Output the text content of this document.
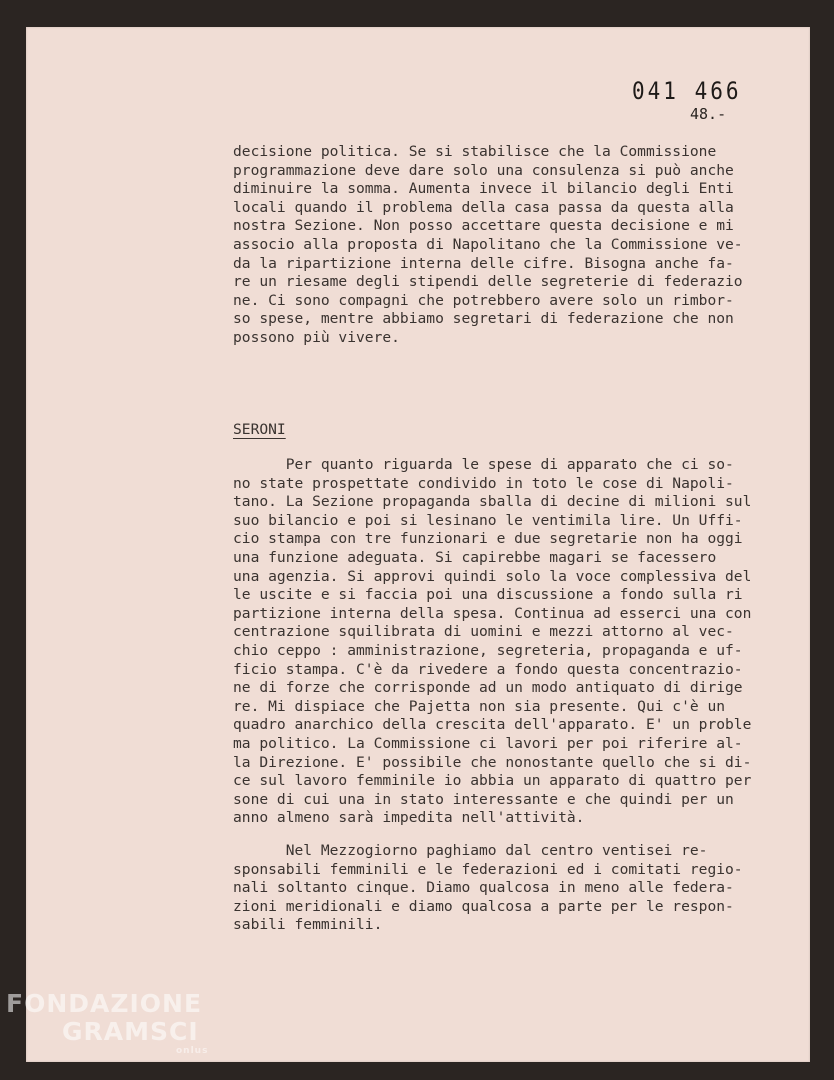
041 466
48.-
decisione politica. Se si stabilisce che la Commissione
programmazione deve dare solo una consulenza si può anche
diminuire la somma. Aumenta invece il bilancio degli Enti
locali quando il problema della casa passa da questa alla
nostra Sezione. Non posso accettare questa decisione e mi
associo alla proposta di Napolitano che la Commissione ve-
da la ripartizione interna delle cifre. Bisogna anche fa-
re un riesame degli stipendi delle segreterie di federazio
ne. Ci sono compagni che potrebbero avere solo un rimbor-
so spese, mentre abbiamo segretari di federazione che non
possono più vivere.
SERONI
Per quanto riguarda le spese di apparato che ci so-
no state prospettate condivido in toto le cose di Napoli-
tano. La Sezione propaganda sballa di decine di milioni sul
suo bilancio e poi si lesinano le ventimila lire. Un Uffi-
cio stampa con tre funzionari e due segretarie non ha oggi
una funzione adeguata. Si capirebbe magari se facessero
una agenzia. Si approvi quindi solo la voce complessiva del
le uscite e si faccia poi una discussione a fondo sulla ri
partizione interna della spesa. Continua ad esserci una con
centrazione squilibrata di uomini e mezzi attorno al vec-
chio ceppo : amministrazione, segreteria, propaganda e uf-
ficio stampa. C'è da rivedere a fondo questa concentrazio-
ne di forze che corrisponde ad un modo antiquato di dirige
re. Mi dispiace che Pajetta non sia presente. Qui c'è un
quadro anarchico della crescita dell'apparato. E' un proble
ma politico. La Commissione ci lavori per poi riferire al-
la Direzione. E' possibile che nonostante quello che si di-
ce sul lavoro femminile io abbia un apparato di quattro per
sone di cui una in stato interessante e che quindi per un
anno almeno sarà impedita nell'attività.
Nel Mezzogiorno paghiamo dal centro ventisei re-
sponsabili femminili e le federazioni ed i comitati regio-
nali soltanto cinque. Diamo qualcosa in meno alle federa-
zioni meridionali e diamo qualcosa a parte per le respon-
sabili femminili.
FONDAZIONE
GRAMSCI
onlus
